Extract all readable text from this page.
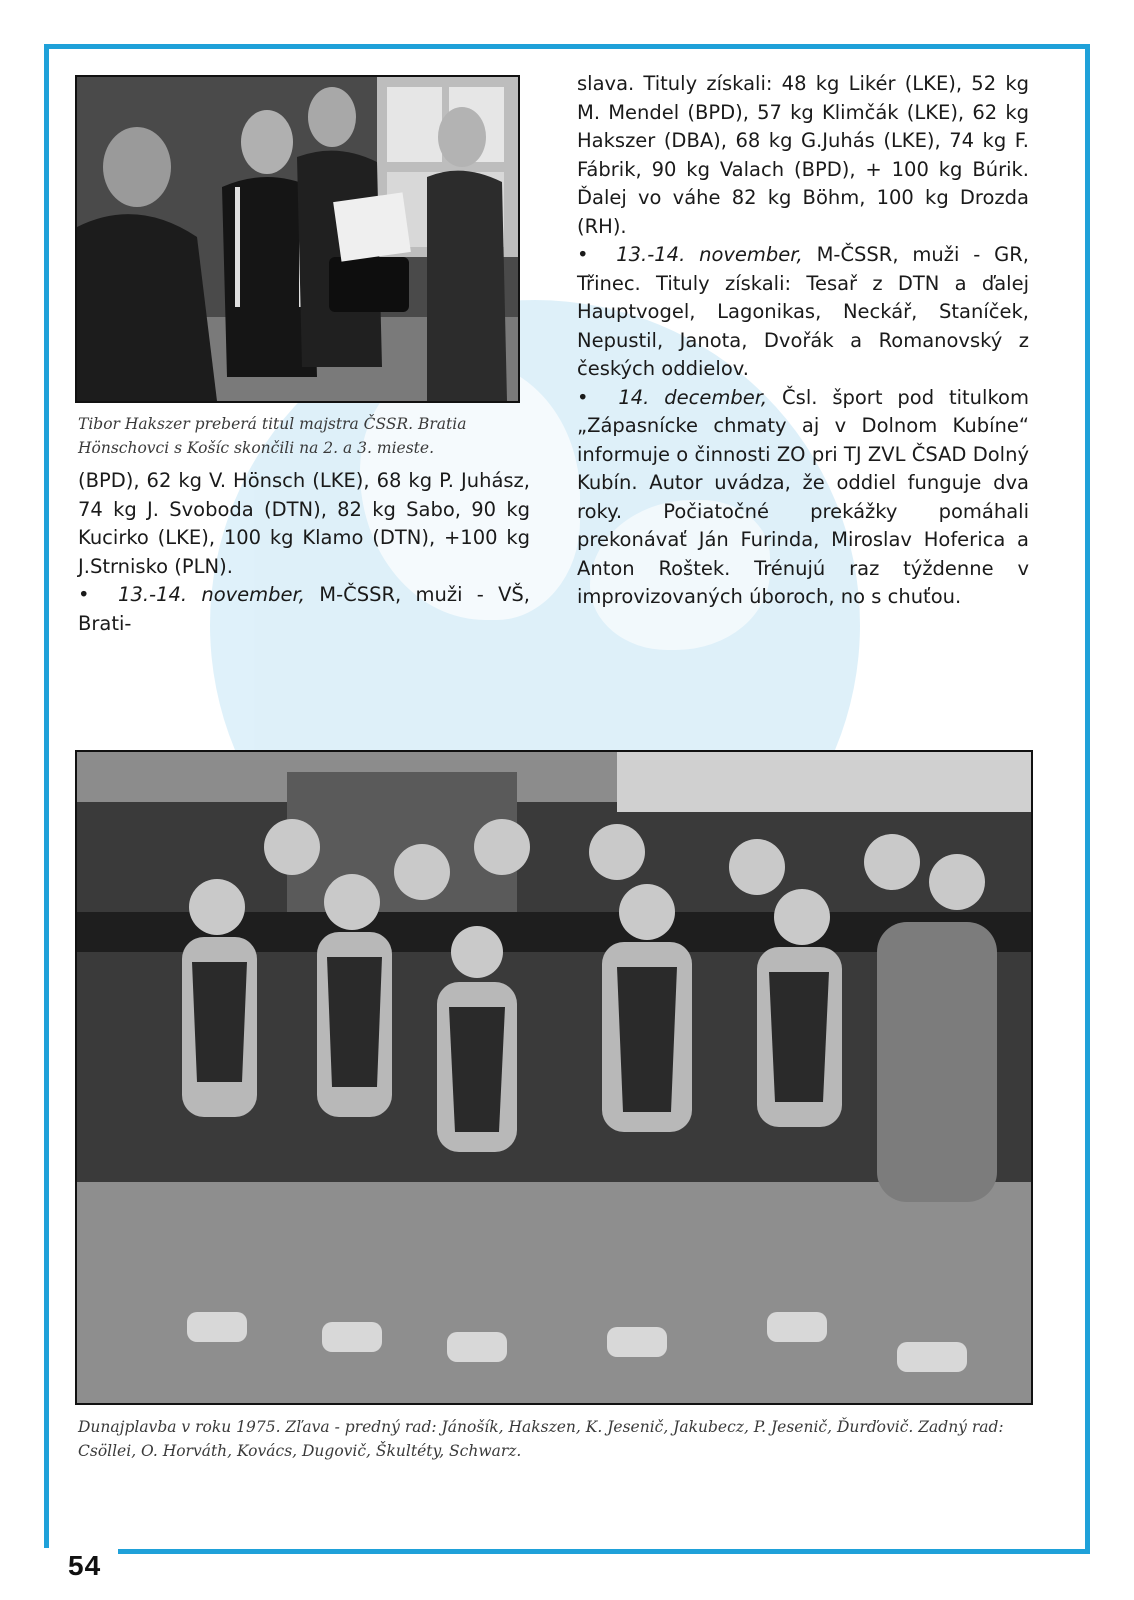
54
Tibor Hakszer preberá titul majstra ČSSR. Bratia Hönschovci s Košíc skončili na 2. a 3. mieste.

(BPD), 62 kg V. Hönsch (LKE), 68 kg P. Juhász, 74 kg J. Svoboda (DTN), 82 kg Sabo, 90 kg Kucirko (LKE), 100 kg Klamo (DTN), +100 kg J.Strnisko (PLN).

•  13.-14. november, M-ČSSR, muži - VŠ, Brati-

slava. Tituly získali: 48 kg Likér (LKE), 52 kg M. Mendel (BPD), 57 kg Klimčák (LKE), 62 kg Hakszer (DBA), 68 kg G.Juhás (LKE), 74 kg F. Fábrik, 90 kg Valach (BPD), + 100 kg Búrik. Ďalej vo váhe 82 kg Böhm, 100 kg Drozda (RH).

•  13.-14. november, M-ČSSR, muži - GR, Třinec. Tituly získali: Tesař z DTN a ďalej Hauptvogel, Lagonikas, Neckář, Staníček, Nepustil, Janota, Dvořák a Romanovský z českých oddielov.

•  14. december, Čsl. šport pod titulkom „Zápasnícke chmaty aj v Dolnom Kubíne“ informuje o činnosti ZO pri TJ ZVL ČSAD Dolný Kubín. Autor uvádza, že oddiel funguje dva roky. Počiatočné prekážky pomáhali prekonávať Ján Furinda, Miroslav Hoferica a Anton Roštek. Trénujú raz týždenne v improvizovaných úboroch, no s chuťou.

Dunajplavba v roku 1975. Zľava - predný rad: Jánošík, Hakszen, K. Jesenič, Jakubecz, P. Jesenič, Ďurďovič. Zadný rad: Csöllei, O. Horváth, Kovács, Dugovič, Škultéty, Schwarz.
